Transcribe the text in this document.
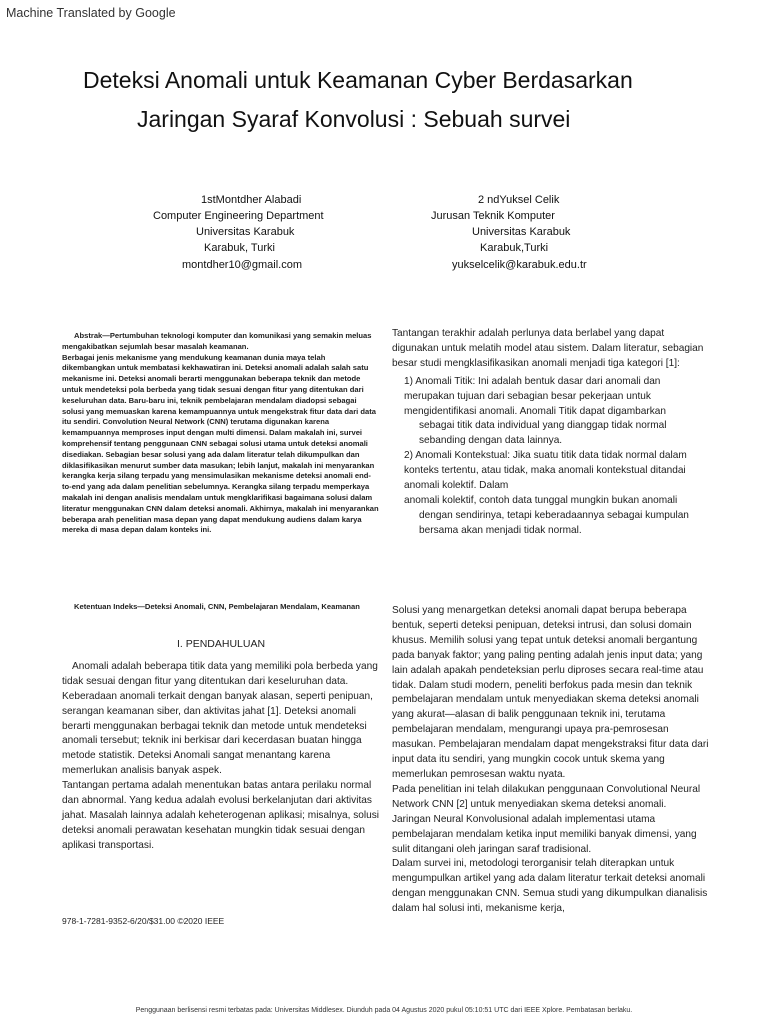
Machine Translated by Google
Deteksi Anomali untuk Keamanan Cyber Berdasarkan
Jaringan Syaraf Konvolusi : Sebuah survei
1stMontdher Alabadi
Computer Engineering Department
Universitas Karabuk
Karabuk, Turki
montdher10@gmail.com
2 ndYuksel Celik
Jurusan Teknik Komputer
Universitas Karabuk
Karabuk,Turki
yukselcelik@karabuk.edu.tr

Abstrak—Pertumbuhan teknologi komputer dan komunikasi yang semakin meluas mengakibatkan sejumlah besar masalah keamanan.

Berbagai jenis mekanisme yang mendukung keamanan dunia maya telah dikembangkan untuk membatasi kekhawatiran ini. Deteksi anomali adalah salah satu mekanisme ini. Deteksi anomali berarti menggunakan beberapa teknik dan metode untuk mendeteksi pola berbeda yang tidak sesuai dengan fitur yang ditentukan dari keseluruhan data. Baru-baru ini, teknik pembelajaran mendalam diadopsi sebagai solusi yang memuaskan karena kemampuannya untuk mengekstrak fitur data dari data itu sendiri. Convolution Neural Network (CNN) terutama digunakan karena kemampuannya memproses input dengan multi dimensi. Dalam makalah ini, survei komprehensif tentang penggunaan CNN sebagai solusi utama untuk deteksi anomali disediakan. Sebagian besar solusi yang ada dalam literatur telah dikumpulkan dan diklasifikasikan menurut sumber data masukan; lebih lanjut, makalah ini menyarankan kerangka kerja silang terpadu yang mensimulasikan mekanisme deteksi anomali end-to-end yang ada dalam penelitian sebelumnya. Kerangka silang terpadu memperkaya makalah ini dengan analisis mendalam untuk mengklarifikasi bagaimana solusi dalam literatur menggunakan CNN dalam deteksi anomali. Akhirnya, makalah ini menyarankan beberapa arah penelitian masa depan yang dapat mendukung audiens dalam karya mereka di masa depan dalam konteks ini.

Ketentuan Indeks—Deteksi Anomali, CNN, Pembelajaran Mendalam, Keamanan

I. PENDAHULUAN

Anomali adalah beberapa titik data yang memiliki pola berbeda yang tidak sesuai dengan fitur yang ditentukan dari keseluruhan data.

Keberadaan anomali terkait dengan banyak alasan, seperti penipuan, serangan keamanan siber, dan aktivitas jahat [1]. Deteksi anomali berarti menggunakan berbagai teknik dan metode untuk mendeteksi anomali tersebut; teknik ini berkisar dari kecerdasan buatan hingga metode statistik. Deteksi Anomali sangat menantang karena memerlukan analisis banyak aspek.

Tantangan pertama adalah menentukan batas antara perilaku normal dan abnormal. Yang kedua adalah evolusi berkelanjutan dari aktivitas jahat. Masalah lainnya adalah keheterogenan aplikasi; misalnya, solusi deteksi anomali perawatan kesehatan mungkin tidak sesuai dengan aplikasi transportasi.

Tantangan terakhir adalah perlunya data berlabel yang dapat digunakan untuk melatih model atau sistem. Dalam literatur, sebagian besar studi mengklasifikasikan anomali menjadi tiga kategori [1]:

1) Anomali Titik: Ini adalah bentuk dasar dari anomali dan merupakan tujuan dari sebagian besar pekerjaan untuk mengidentifikasi anomali. Anomali Titik dapat digambarkan
sebagai titik data individual yang dianggap tidak normal sebanding dengan data lainnya.

2) Anomali Kontekstual: Jika suatu titik data tidak normal dalam konteks tertentu, atau tidak, maka anomali kontekstual ditandai anomali kolektif. Dalam
anomali kolektif, contoh data tunggal mungkin bukan anomali
dengan sendirinya, tetapi keberadaannya sebagai kumpulan bersama akan menjadi tidak normal.

Solusi yang menargetkan deteksi anomali dapat berupa beberapa bentuk, seperti deteksi penipuan, deteksi intrusi, dan solusi domain khusus. Memilih solusi yang tepat untuk deteksi anomali bergantung pada banyak faktor; yang paling penting adalah jenis input data; yang lain adalah apakah pendeteksian perlu diproses secara real-time atau tidak. Dalam studi modern, peneliti berfokus pada mesin dan teknik pembelajaran mendalam untuk menyediakan skema deteksi anomali yang akurat—alasan di balik penggunaan teknik ini, terutama pembelajaran mendalam, mengurangi upaya pra-pemrosesan masukan. Pembelajaran mendalam dapat mengekstraksi fitur data dari input data itu sendiri, yang mungkin cocok untuk skema yang memerlukan pemrosesan waktu nyata.

Pada penelitian ini telah dilakukan penggunaan Convolutional Neural Network CNN [2] untuk menyediakan skema deteksi anomali.

Jaringan Neural Konvolusional adalah implementasi utama pembelajaran mendalam ketika input memiliki banyak dimensi, yang sulit ditangani oleh jaringan saraf tradisional.

Dalam survei ini, metodologi terorganisir telah diterapkan untuk mengumpulkan artikel yang ada dalam literatur terkait deteksi anomali dengan menggunakan CNN. Semua studi yang dikumpulkan dianalisis dalam hal solusi inti, mekanisme kerja,

978-1-7281-9352-6/20/$31.00 ©2020 IEEE
Penggunaan berlisensi resmi terbatas pada: Universitas Middlesex. Diunduh pada 04 Agustus 2020 pukul 05:10:51 UTC dari IEEE Xplore. Pembatasan berlaku.
